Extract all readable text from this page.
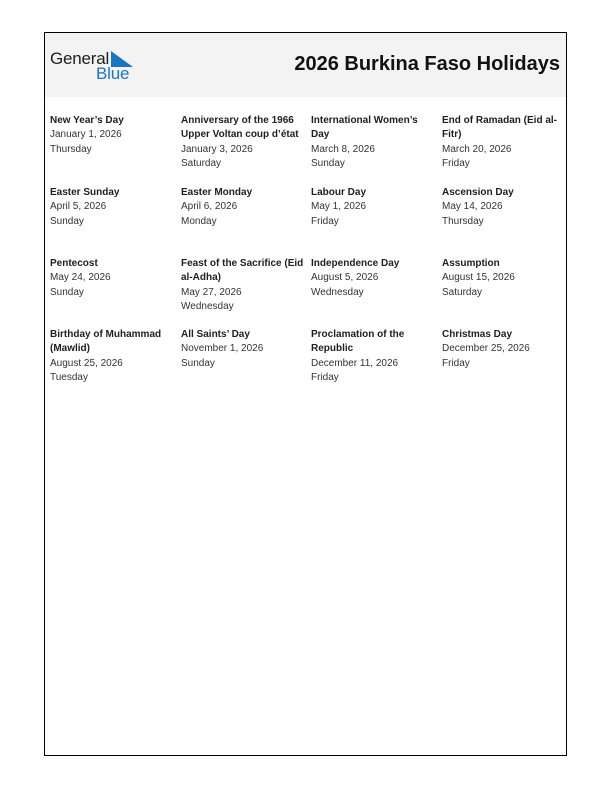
General
Blue	2026 Burkina Faso Holidays
New Year’s Day
January 1, 2026
Thursday
Anniversary of the 1966 Upper Voltan coup d’état
January 3, 2026
Saturday
International Women’s Day
March 8, 2026
Sunday
End of Ramadan (Eid al-Fitr)
March 20, 2026
Friday
Easter Sunday
April 5, 2026
Sunday
Easter Monday
April 6, 2026
Monday
Labour Day
May 1, 2026
Friday
Ascension Day
May 14, 2026
Thursday
Pentecost
May 24, 2026
Sunday
Feast of the Sacrifice (Eid al-Adha)
May 27, 2026
Wednesday
Independence Day
August 5, 2026
Wednesday
Assumption
August 15, 2026
Saturday
Birthday of Muhammad (Mawlid)
August 25, 2026
Tuesday
All Saints’ Day
November 1, 2026
Sunday
Proclamation of the Republic
December 11, 2026
Friday
Christmas Day
December 25, 2026
Friday
